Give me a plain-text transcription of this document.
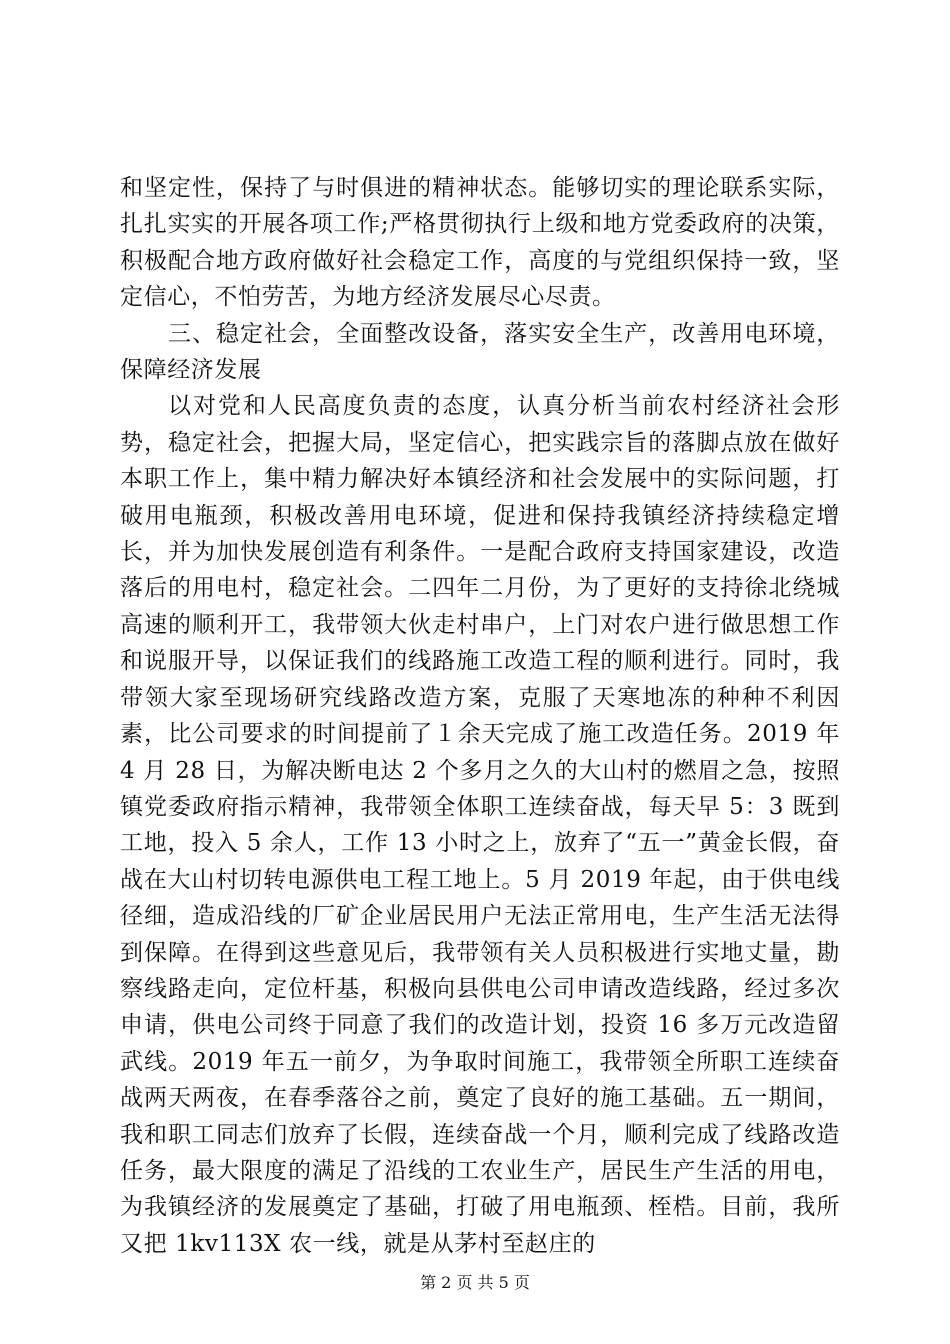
和坚定性，保持了与时俱进的精神状态。能够切实的理论联系实际，扎扎实实的开展各项工作;严格贯彻执行上级和地方党委政府的决策，积极配合地方政府做好社会稳定工作，高度的与党组织保持一致，坚定信心，不怕劳苦，为地方经济发展尽心尽责。

三、稳定社会，全面整改设备，落实安全生产，改善用电环境，保障经济发展

以对党和人民高度负责的态度，认真分析当前农村经济社会形势，稳定社会，把握大局，坚定信心，把实践宗旨的落脚点放在做好本职工作上，集中精力解决好本镇经济和社会发展中的实际问题，打破用电瓶颈，积极改善用电环境，促进和保持我镇经济持续稳定增长，并为加快发展创造有利条件。一是配合政府支持国家建设，改造落后的用电村，稳定社会。二四年二月份，为了更好的支持徐北绕城高速的顺利开工，我带领大伙走村串户，上门对农户进行做思想工作和说服开导，以保证我们的线路施工改造工程的顺利进行。同时，我带领大家至现场研究线路改造方案，克服了天寒地冻的种种不利因素，比公司要求的时间提前了１余天完成了施工改造任务。2019 年 4 月 28 日，为解决断电达 2 个多月之久的大山村的燃眉之急，按照镇党委政府指示精神，我带领全体职工连续奋战，每天早 5：3 既到工地，投入 5 余人，工作 13 小时之上，放弃了“五一”黄金长假，奋战在大山村切转电源供电工程工地上。5 月 2019 年起，由于供电线径细，造成沿线的厂矿企业居民用户无法正常用电，生产生活无法得到保障。在得到这些意见后，我带领有关人员积极进行实地丈量，勘察线路走向，定位杆基，积极向县供电公司申请改造线路，经过多次申请，供电公司终于同意了我们的改造计划，投资 16 多万元改造留武线。2019 年五一前夕，为争取时间施工，我带领全所职工连续奋战两天两夜，在春季落谷之前，奠定了良好的施工基础。五一期间，我和职工同志们放弃了长假，连续奋战一个月，顺利完成了线路改造任务，最大限度的满足了沿线的工农业生产，居民生产生活的用电，为我镇经济的发展奠定了基础，打破了用电瓶颈、桎梏。目前，我所又把 1kv113X 农一线，就是从茅村至赵庄的

第 2 页 共 5 页
